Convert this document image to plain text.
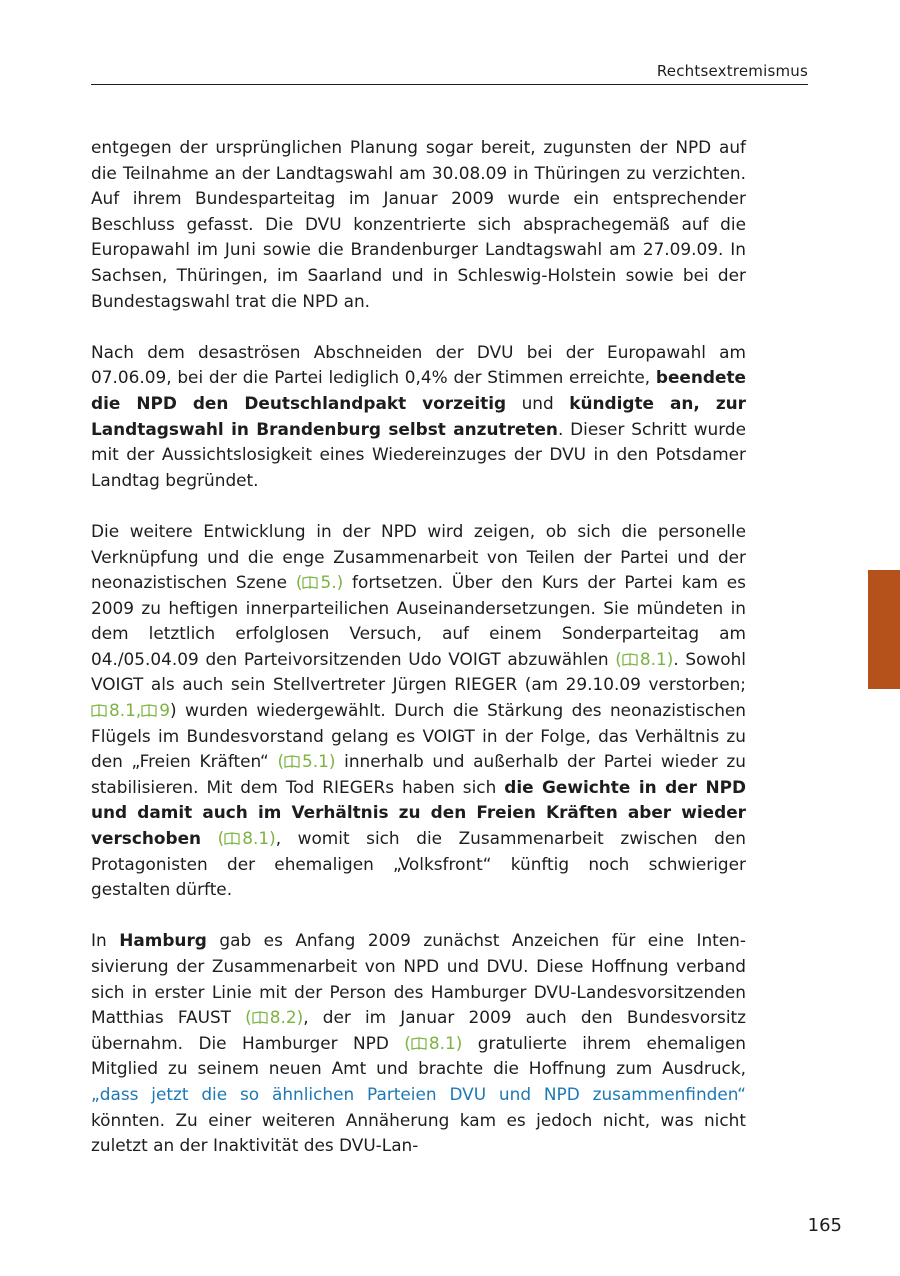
Rechtsextremismus

entgegen der ursprünglichen Planung sogar bereit, zugunsten der NPD auf die Teilnahme an der Landtagswahl am 30.08.09 in Thüringen zu verzichten. Auf ihrem Bundesparteitag im Januar 2009 wurde ein entsprechender Beschluss gefasst. Die DVU konzentrierte sich absprachegemäß auf die Europawahl im Juni sowie die Brandenburger Landtagswahl am 27.09.09. In Sachsen, Thüringen, im Saarland und in Schleswig-Holstein sowie bei der Bundestagswahl trat die NPD an.

Nach dem desaströsen Abschneiden der DVU bei der Europawahl am 07.06.09, bei der die Partei lediglich 0,4% der Stimmen erreichte, beendete die NPD den Deutschlandpakt vorzeitig und kündigte an, zur Landtagswahl in Brandenburg selbst anzutreten. Dieser Schritt wurde mit der Aussichtslosigkeit eines Wiedereinzuges der DVU in den Potsdamer Landtag begründet.

Die weitere Entwicklung in der NPD wird zeigen, ob sich die personelle Verknüpfung und die enge Zusammenarbeit von Teilen der Partei und der neonazistischen Szene ( 5.) fortsetzen. Über den Kurs der Partei kam es 2009 zu heftigen innerparteilichen Auseinandersetzungen. Sie mündeten in dem letztlich erfolglosen Versuch, auf einem Sonderparteitag am 04./05.04.09 den Parteivorsitzenden Udo VOIGT abzuwählen ( 8.1). Sowohl VOIGT als auch sein Stellvertreter Jürgen RIEGER (am 29.10.09 verstorben; 8.1, 9) wurden wiedergewählt. Durch die Stärkung des neonazistischen Flügels im Bundesvorstand gelang es VOIGT in der Folge, das Verhältnis zu den „Freien Kräften“ ( 5.1) innerhalb und außerhalb der Partei wieder zu stabilisieren. Mit dem Tod RIEGERs haben sich die Gewichte in der NPD und damit auch im Verhältnis zu den Freien Kräften aber wieder verschoben ( 8.1), womit sich die Zusammenarbeit zwischen den Protagonisten der ehemaligen „Volksfront“ künftig noch schwieriger gestalten dürfte.

In Hamburg gab es Anfang 2009 zunächst Anzeichen für eine Intensivierung der Zusammenarbeit von NPD und DVU. Diese Hoffnung verband sich in erster Linie mit der Person des Hamburger DVU-Landesvorsitzenden Matthias FAUST ( 8.2), der im Januar 2009 auch den Bundesvorsitz übernahm. Die Hamburger NPD ( 8.1) gratulierte ihrem ehemaligen Mitglied zu seinem neuen Amt und brachte die Hoffnung zum Ausdruck, „dass jetzt die so ähnlichen Parteien DVU und NPD zusammenfinden“ könnten. Zu einer weiteren Annäherung kam es jedoch nicht, was nicht zuletzt an der Inaktivität des DVU-Lan-

165
